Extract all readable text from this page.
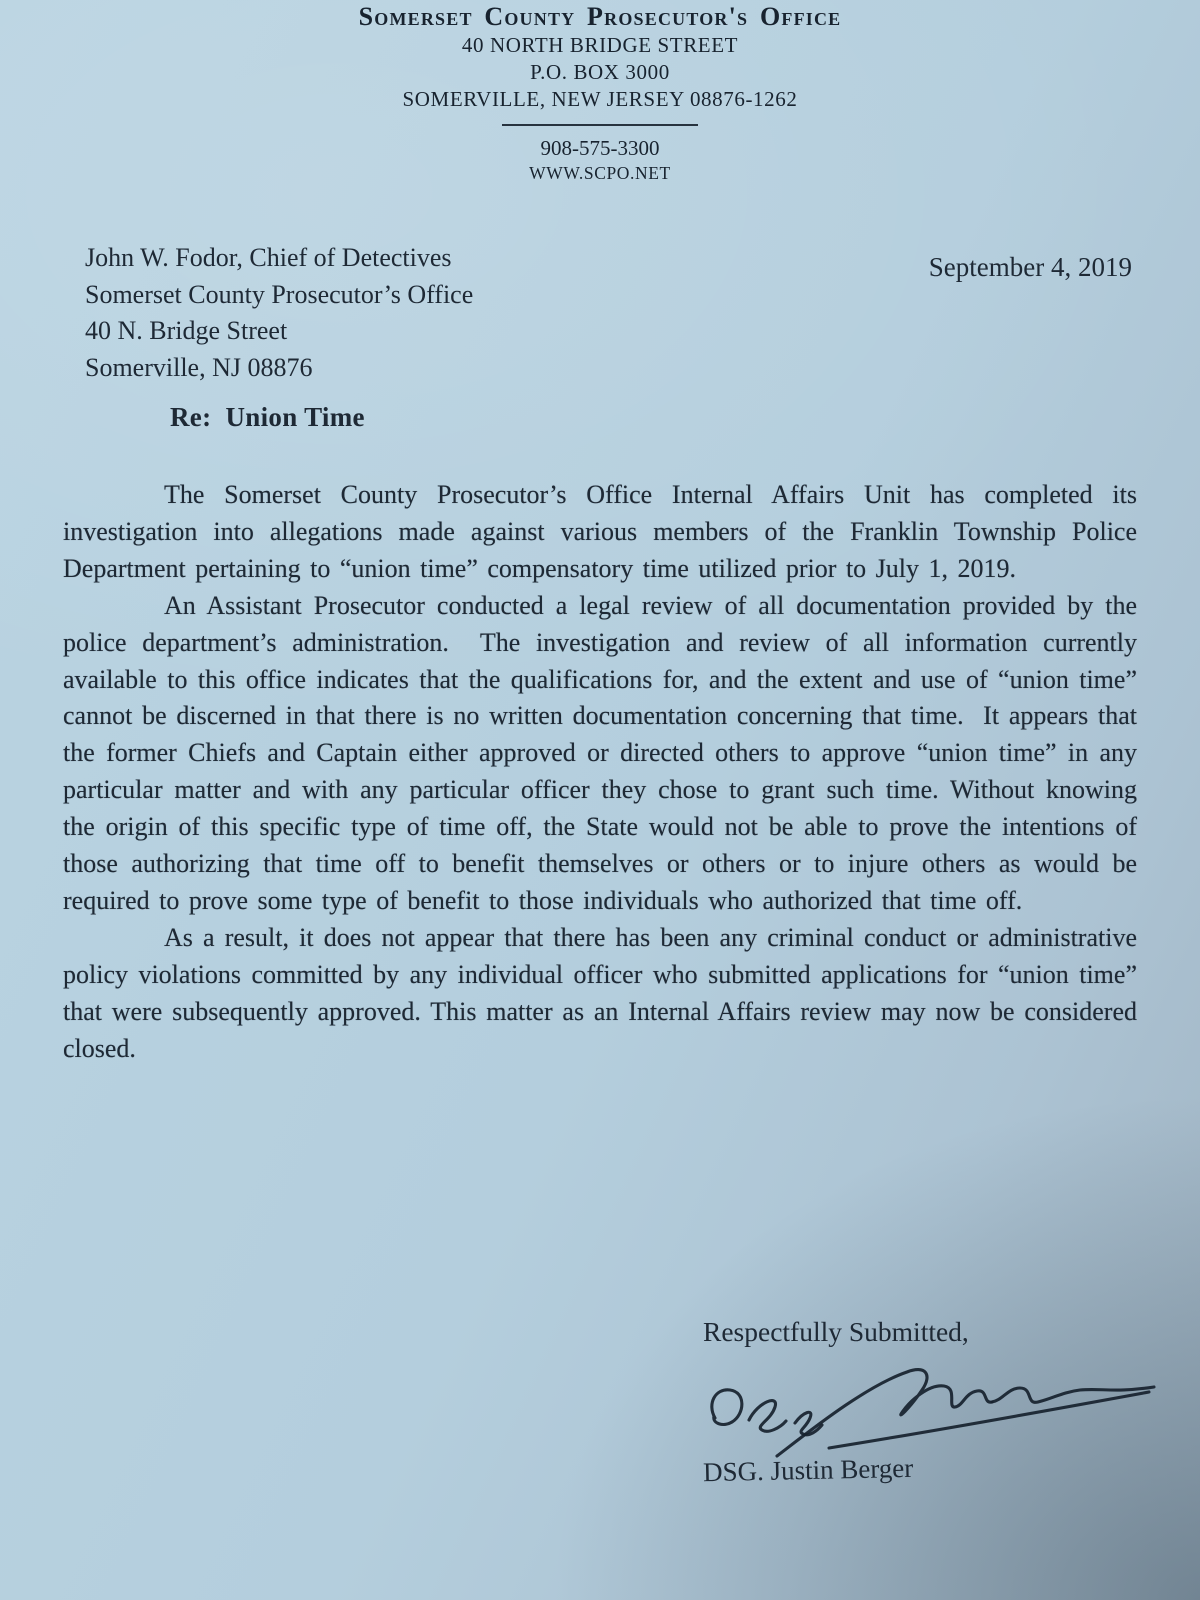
Somerset County Prosecutor's Office
40 NORTH BRIDGE STREET
P.O. BOX 3000
SOMERVILLE, NEW JERSEY 08876-1262
908-575-3300
WWW.SCPO.NET
September 4, 2019
John W. Fodor, Chief of Detectives
Somerset County Prosecutor’s Office
40 N. Bridge Street
Somerville, NJ 08876
Re:  Union Time

The Somerset County Prosecutor’s Office Internal Affairs Unit has completed its investigation into allegations made against various members of the Franklin Township Police Department pertaining to “union time” compensatory time utilized prior to July 1, 2019.

An Assistant Prosecutor conducted a legal review of all documentation provided by the police department’s administration.  The investigation and review of all information currently available to this office indicates that the qualifications for, and the extent and use of “union time” cannot be discerned in that there is no written documentation concerning that time.  It appears that the former Chiefs and Captain either approved or directed others to approve “union time” in any particular matter and with any particular officer they chose to grant such time. Without knowing the origin of this specific type of time off, the State would not be able to prove the intentions of those authorizing that time off to benefit themselves or others or to injure others as would be required to prove some type of benefit to those individuals who authorized that time off.

As a result, it does not appear that there has been any criminal conduct or administrative policy violations committed by any individual officer who submitted applications for “union time” that were subsequently approved. This matter as an Internal Affairs review may now be considered closed.

Respectfully Submitted,
DSG. Justin Berger
